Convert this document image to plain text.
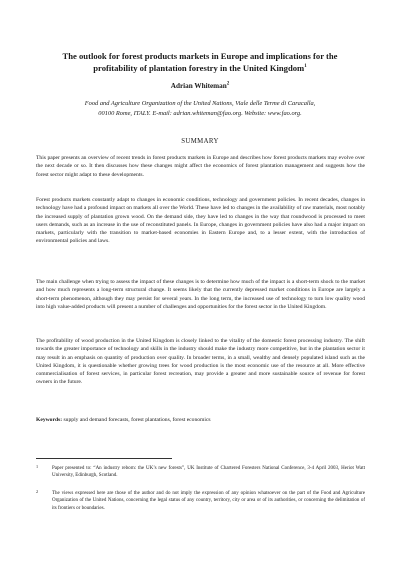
The outlook for forest products markets in Europe and implications for the profitability of plantation forestry in the United Kingdom$^1$
Adrian Whiteman$^2$
Food and Agriculture Organization of the United Nations, Viale delle Terme di Caracalla,
00100 Rome, ITALY. E-mail: adrian.whiteman@fao.org. Website: www.fao.org.
SUMMARY

This paper presents an overview of recent trends in forest products markets in Europe and describes how forest products markets may evolve over the next decade or so. It then discusses how these changes might affect the economics of forest plantation management and suggests how the forest sector might adapt to these developments.

Forest products markets constantly adapt to changes in economic conditions, technology and government policies. In recent decades, changes in technology have had a profound impact on markets all over the World. These have led to changes in the availability of raw materials, most notably the increased supply of plantation grown wood. On the demand side, they have led to changes in the way that roundwood is processed to meet users demands, such as an increase in the use of reconstituted panels. In Europe, changes in government policies have also had a major impact on markets, particularly with the transition to market-based economies in Eastern Europe and, to a lesser extent, with the introduction of environmental policies and laws.

The main challenge when trying to assess the impact of these changes is to determine how much of the impact is a short-term shock to the market and how much represents a long-term structural change. It seems likely that the currently depressed market conditions in Europe are largely a short-term phenomenon, although they may persist for several years. In the long term, the increased use of technology to turn low quality wood into high value-added products will present a number of challenges and opportunities for the forest sector in the United Kingdom.

The profitability of wood production in the United Kingdom is closely linked to the vitality of the domestic forest processing industry. The shift towards the greater importance of technology and skills in the industry should make the industry more competitive, but in the plantation sector it may result in an emphasis on quantity of production over quality. In broader terms, in a small, wealthy and densely populated island such as the United Kingdom, it is questionable whether growing trees for wood production is the most economic use of the resource at all. More effective commercialisation of forest services, in particular forest recreation, may provide a greater and more sustainable source of revenue for forest owners in the future.

Keywords: supply and demand forecasts, forest plantations, forest economics

1	Paper presented to: “An industry reborn: the UK’s new forests”, UK Institute of Chartered Foresters National Conference, 3-4 April 2003, Heriot Watt University, Edinburgh, Scotland.
2	The views expressed here are those of the author and do not imply the expression of any opinion whatsoever on the part of the Food and Agriculture Organization of the United Nations, concerning the legal status of any country, territory, city or area or of its authorities, or concerning the delimitation of its frontiers or boundaries.
